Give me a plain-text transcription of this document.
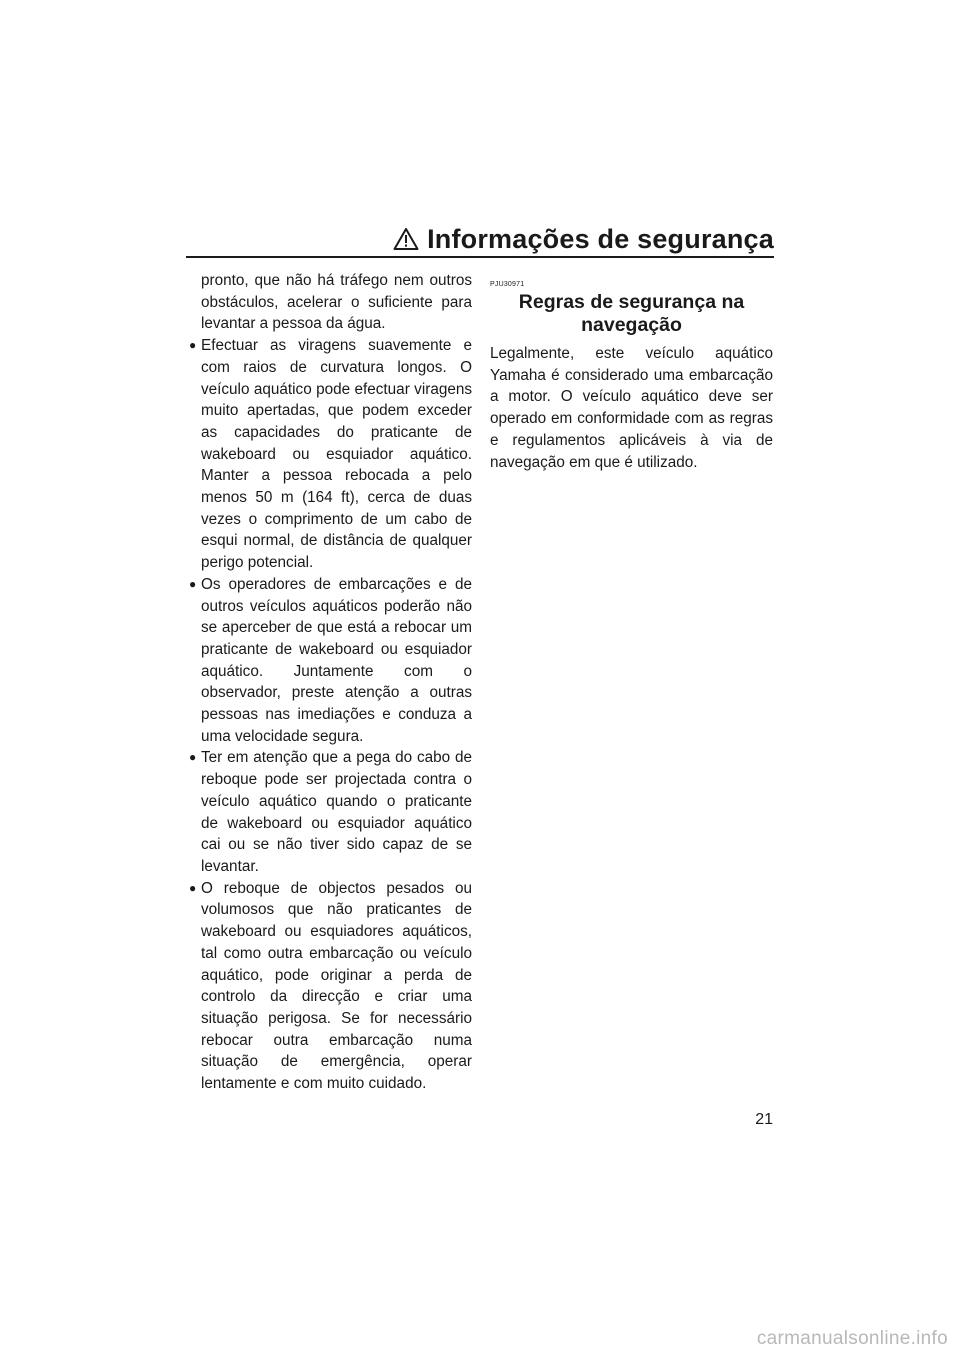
Informações de segurança

pronto, que não há tráfego nem outros obstáculos, acelerar o suficiente para levantar a pessoa da água.

● Efectuar as viragens suavemente e com raios de curvatura longos. O veículo aquático pode efectuar viragens muito apertadas, que podem exceder as capacidades do praticante de wakeboard ou esquiador aquático. Manter a pessoa rebocada a pelo menos 50 m (164 ft), cerca de duas vezes o comprimento de um cabo de esqui normal, de distância de qualquer perigo potencial.
● Os operadores de embarcações e de outros veículos aquáticos poderão não se aperceber de que está a rebocar um praticante de wakeboard ou esquiador aquático. Juntamente com o observador, preste atenção a outras pessoas nas imediações e conduza a uma velocidade segura.
● Ter em atenção que a pega do cabo de reboque pode ser projectada contra o veículo aquático quando o praticante de wakeboard ou esquiador aquático cai ou se não tiver sido capaz de se levantar.
● O reboque de objectos pesados ou volumosos que não praticantes de wakeboard ou esquiadores aquáticos, tal como outra embarcação ou veículo aquático, pode originar a perda de controlo da direcção e criar uma situação perigosa. Se for necessário rebocar outra embarcação numa situação de emergência, operar lentamente e com muito cuidado.
PJU30971
Regras de segurança na navegação

Legalmente, este veículo aquático Yamaha é considerado uma embarcação a motor. O veículo aquático deve ser operado em conformidade com as regras e regulamentos aplicáveis à via de navegação em que é utilizado.

21
carmanualsonline.info
